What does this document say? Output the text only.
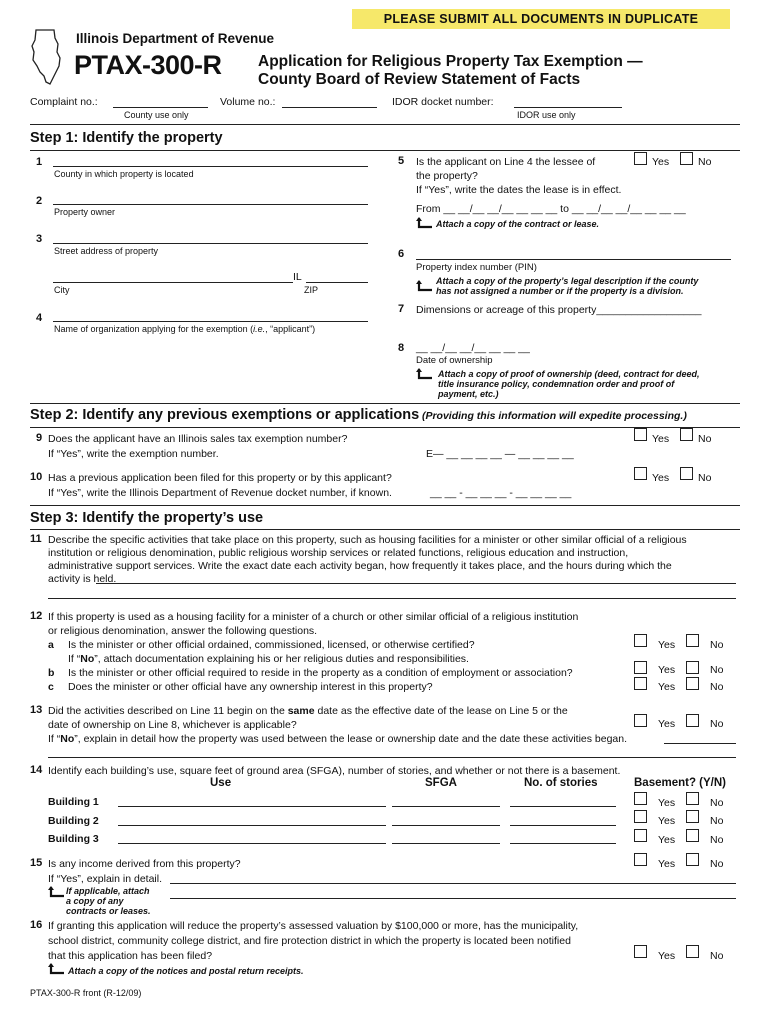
PLEASE SUBMIT ALL DOCUMENTS IN DUPLICATE
Illinois Department of Revenue
PTAX-300-R Application for Religious Property Tax Exemption —
County Board of Review Statement of Facts
Complaint no.:
County use only
Volume no.:	IDOR docket number:
IDOR use only
Step 1: Identify the property
1
County in which property is located
2
Property owner
3
Street address of property
IL
City	ZIP
4
Name of organization applying for the exemption (i.e., “applicant”)
5 Is the applicant on Line 4 the lessee of	Yes	No
the property?
If “Yes”, write the dates the lease is in effect.
From __ __/__ __/__ __ __ __ to __ __/__ __/__ __ __ __
Attach a copy of the contract or lease.
6
Property index number (PIN)
Attach a copy of the property’s legal description if the county
has not assigned a number or if the property is a division.
7 Dimensions or acreage of this property__________________
8 __ __/__ __/__ __ __ __
Date of ownership
Attach a copy of proof of ownership (deed, contract for deed,
title insurance policy, condemnation order and proof of
payment, etc.)
Step 2: Identify any previous exemptions or applications (Providing this information will expedite processing.)
9 Does the applicant have an Illinois sales tax exemption number?	Yes	No
If “Yes”, write the exemption number.	E— __ __ __ __ — __ __ __ __
10 Has a previous application been filed for this property or by this applicant?	Yes	No
If “Yes”, write the Illinois Department of Revenue docket number, if known.	__ __ - __ __ __ - __ __ __ __
Step 3: Identify the property’s use
11 Describe the specific activities that take place on this property, such as housing facilities for a minister or other similar official of a religious
institution or religious denomination, public religious worship services or related functions, religious education and instruction,
administrative support services. Write the exact date each activity began, how frequently it takes place, and the hours during which the
activity is held.
12 If this property is used as a housing facility for a minister of a church or other similar official of a religious institution
or religious denomination, answer the following questions.
a Is the minister or other official ordained, commissioned, licensed, or otherwise certified?	Yes	No
If “No”, attach documentation explaining his or her religious duties and responsibilities.
b Is the minister or other official required to reside in the property as a condition of employment or association?	Yes	No
c Does the minister or other official have any ownership interest in this property?	Yes	No
13 Did the activities described on Line 11 begin on the same date as the effective date of the lease on Line 5 or the
date of ownership on Line 8, whichever is applicable?	Yes	No
If “No”, explain in detail how the property was used between the lease or ownership date and the date these activities began.
14 Identify each building’s use, square feet of ground area (SFGA), number of stories, and whether or not there is a basement.
Use	SFGA	No. of stories	Basement? (Y/N)
Building 1	Yes	No
Building 2	Yes	No
Building 3	Yes	No
15 Is any income derived from this property?	Yes	No
If “Yes”, explain in detail.
If applicable, attach
a copy of any
contracts or leases.
16 If granting this application will reduce the property’s assessed valuation by $100,000 or more, has the municipality,
school district, community college district, and fire protection district in which the property is located been notified
that this application has been filed?	Yes	No
Attach a copy of the notices and postal return receipts.
PTAX-300-R front (R-12/09)
